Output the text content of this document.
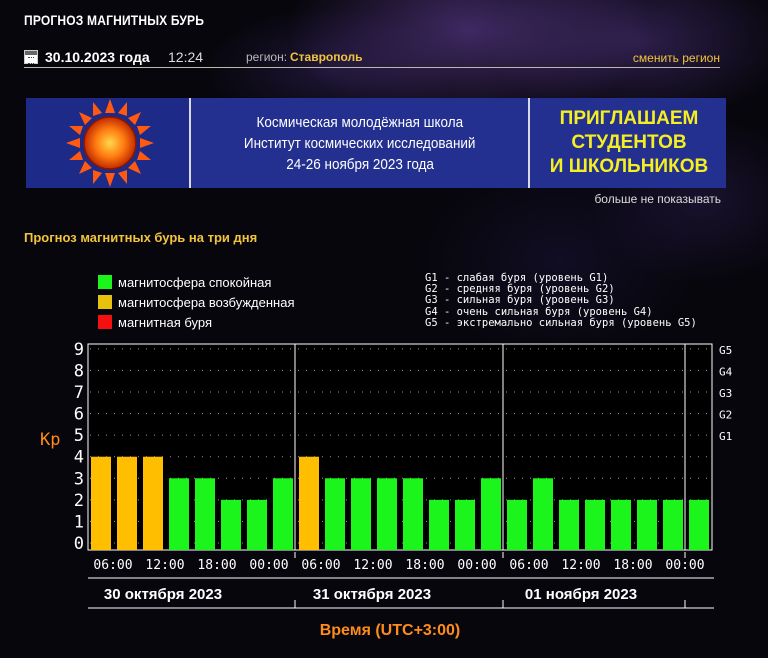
ПРОГНОЗ МАГНИТНЫХ БУРЬ
30.10.2023 года 12:24	регион: Ставрополь	сменить регион
Космическая молодёжная школа
Институт космических исследований
24-26 ноября 2023 года
ПРИГЛАШАЕМ
СТУДЕНТОВ
И ШКОЛЬНИКОВ
больше не показывать
Прогноз магнитных бурь на три дня
магнитосфера спокойная
магнитосфера возбужденная
магнитная буря
G1 - слабая буря (уровень G1)
G2 - средняя буря (уровень G2)
G3 - сильная буря (уровень G3)
G4 - очень сильная буря (уровень G4)
G5 - экстремально сильная буря (уровень G5)
0
1
2
3
4
5
6
7
8
9
Kp	G1
G2
G3
G4
G5
06:00 12:00 18:00 00:00 06:00 12:00 18:00 00:00 06:00 12:00 18:00 00:00
30 октября 2023	31 октября 2023	01 ноября 2023
Время (UTC+3:00)
